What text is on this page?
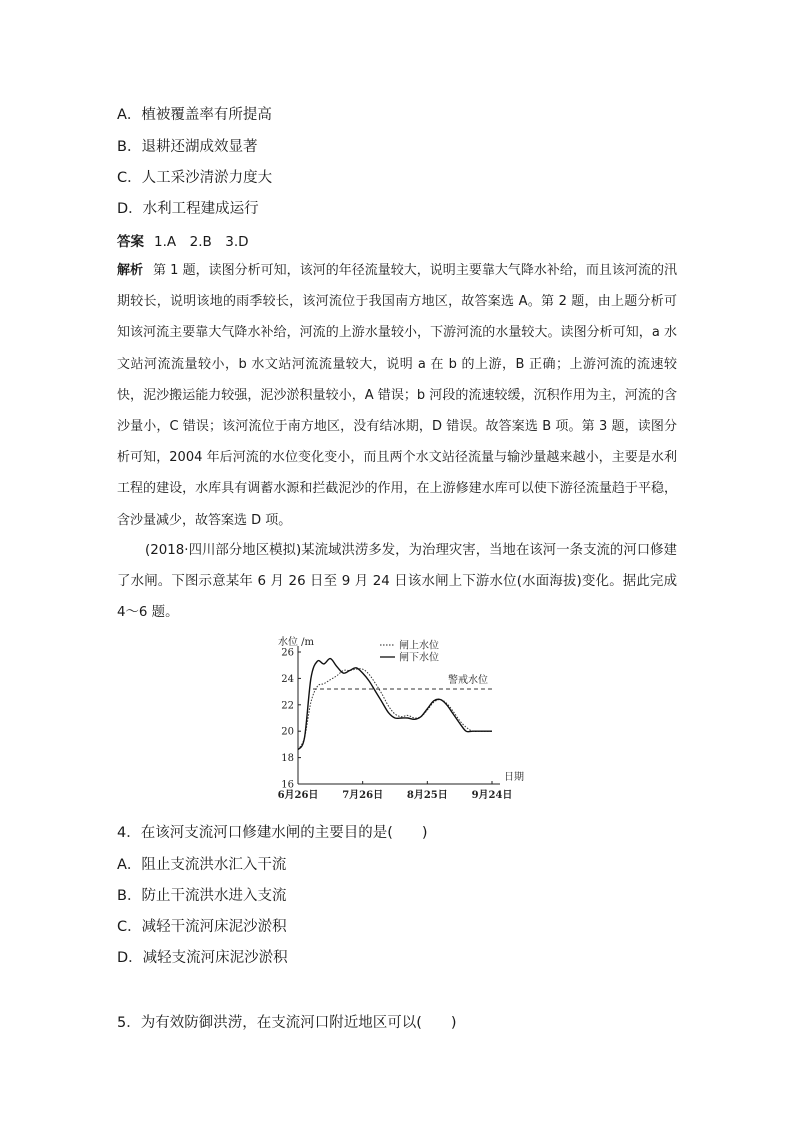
A．植被覆盖率有所提高
B．退耕还湖成效显著
C．人工采沙清淤力度大
D．水利工程建成运行
答案 1.A　2.B　3.D
解析 第 1 题，读图分析可知，该河的年径流量较大，说明主要靠大气降水补给，而且该河流的汛期较长，说明该地的雨季较长，该河流位于我国南方地区，故答案选 A。第 2 题，由上题分析可知该河流主要靠大气降水补给，河流的上游水量较小，下游河流的水量较大。读图分析可知，a 水文站河流流量较小，b 水文站河流流量较大，说明 a 在 b 的上游，B 正确；上游河流的流速较快，泥沙搬运能力较强，泥沙淤积量较小，A 错误；b 河段的流速较缓，沉积作用为主，河流的含沙量小，C 错误；该河流位于南方地区，没有结冰期，D 错误。故答案选 B 项。第 3 题，读图分析可知，2004 年后河流的水位变化变小，而且两个水文站径流量与输沙量越来越小，主要是水利工程的建设，水库具有调蓄水源和拦截泥沙的作用，在上游修建水库可以使下游径流量趋于平稳，含沙量减少，故答案选 D 项。
(2018·四川部分地区模拟)某流域洪涝多发，为治理灾害，当地在该河一条支流的河口修建了水闸。下图示意某年 6 月 26 日至 9 月 24 日该水闸上下游水位(水面海拔)变化。据此完成 4～6 题。
16
18
20
22
24
26
6月26日 7月26日 8月25日 9月24日
警戒水位
水位 /m
日期
闸上水位
闸下水位
4．在该河支流河口修建水闸的主要目的是(　　)
A．阻止支流洪水汇入干流
B．防止干流洪水进入支流
C．减轻干流河床泥沙淤积
D．减轻支流河床泥沙淤积
5．为有效防御洪涝，在支流河口附近地区可以(　　)
